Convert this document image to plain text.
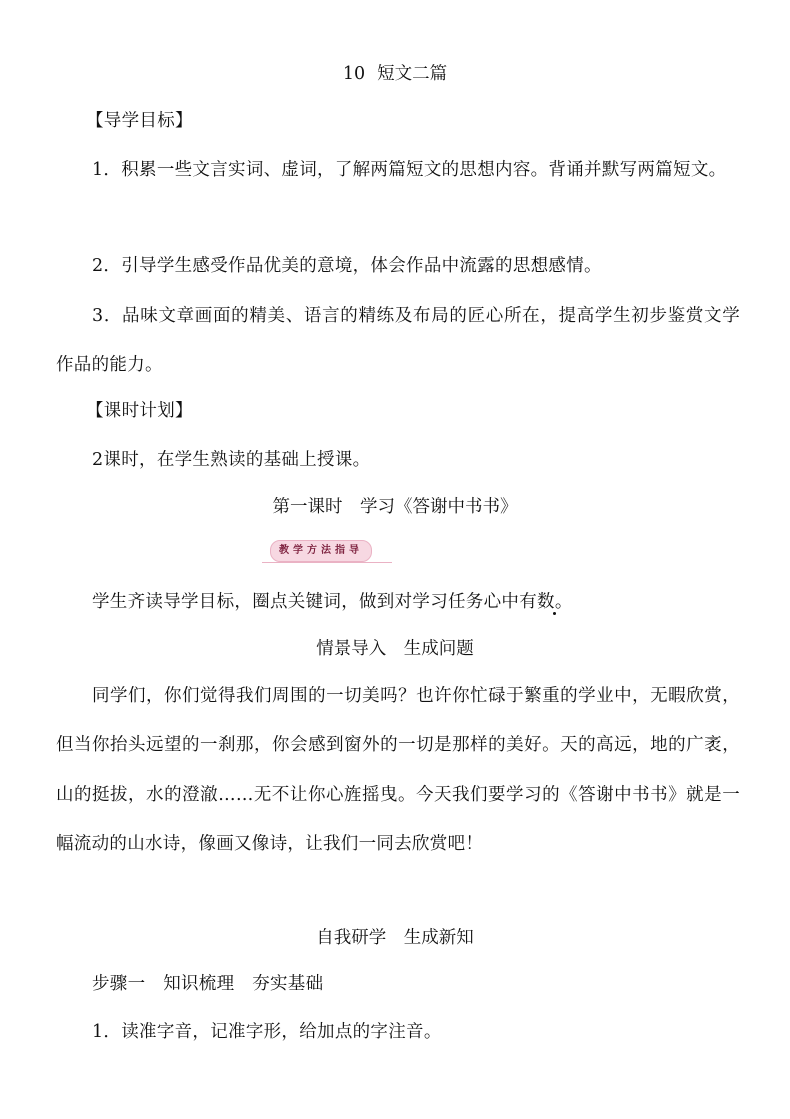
10 短文二篇
【导学目标】
1．积累一些文言实词、虚词，了解两篇短文的思想内容。背诵并默写两篇短文。
2．引导学生感受作品优美的意境，体会作品中流露的思想感情。
3．品味文章画面的精美、语言的精练及布局的匠心所在，提高学生初步鉴赏文学作品的能力。
【课时计划】
2课时，在学生熟读的基础上授课。
第一课时　学习《答谢中书书》
教学方法指导
学生齐读导学目标，圈点关键词，做到对学习任务心中有数。
情景导入　生成问题
同学们，你们觉得我们周围的一切美吗？也许你忙碌于繁重的学业中，无暇欣赏，但当你抬头远望的一刹那，你会感到窗外的一切是那样的美好。天的高远，地的广袤，山的挺拔，水的澄澈……无不让你心旌摇曳。今天我们要学习的《答谢中书书》就是一幅流动的山水诗，像画又像诗，让我们一同去欣赏吧！
自我研学　生成新知
步骤一　知识梳理　夯实基础
1．读准字音，记准字形，给加点的字注音。
